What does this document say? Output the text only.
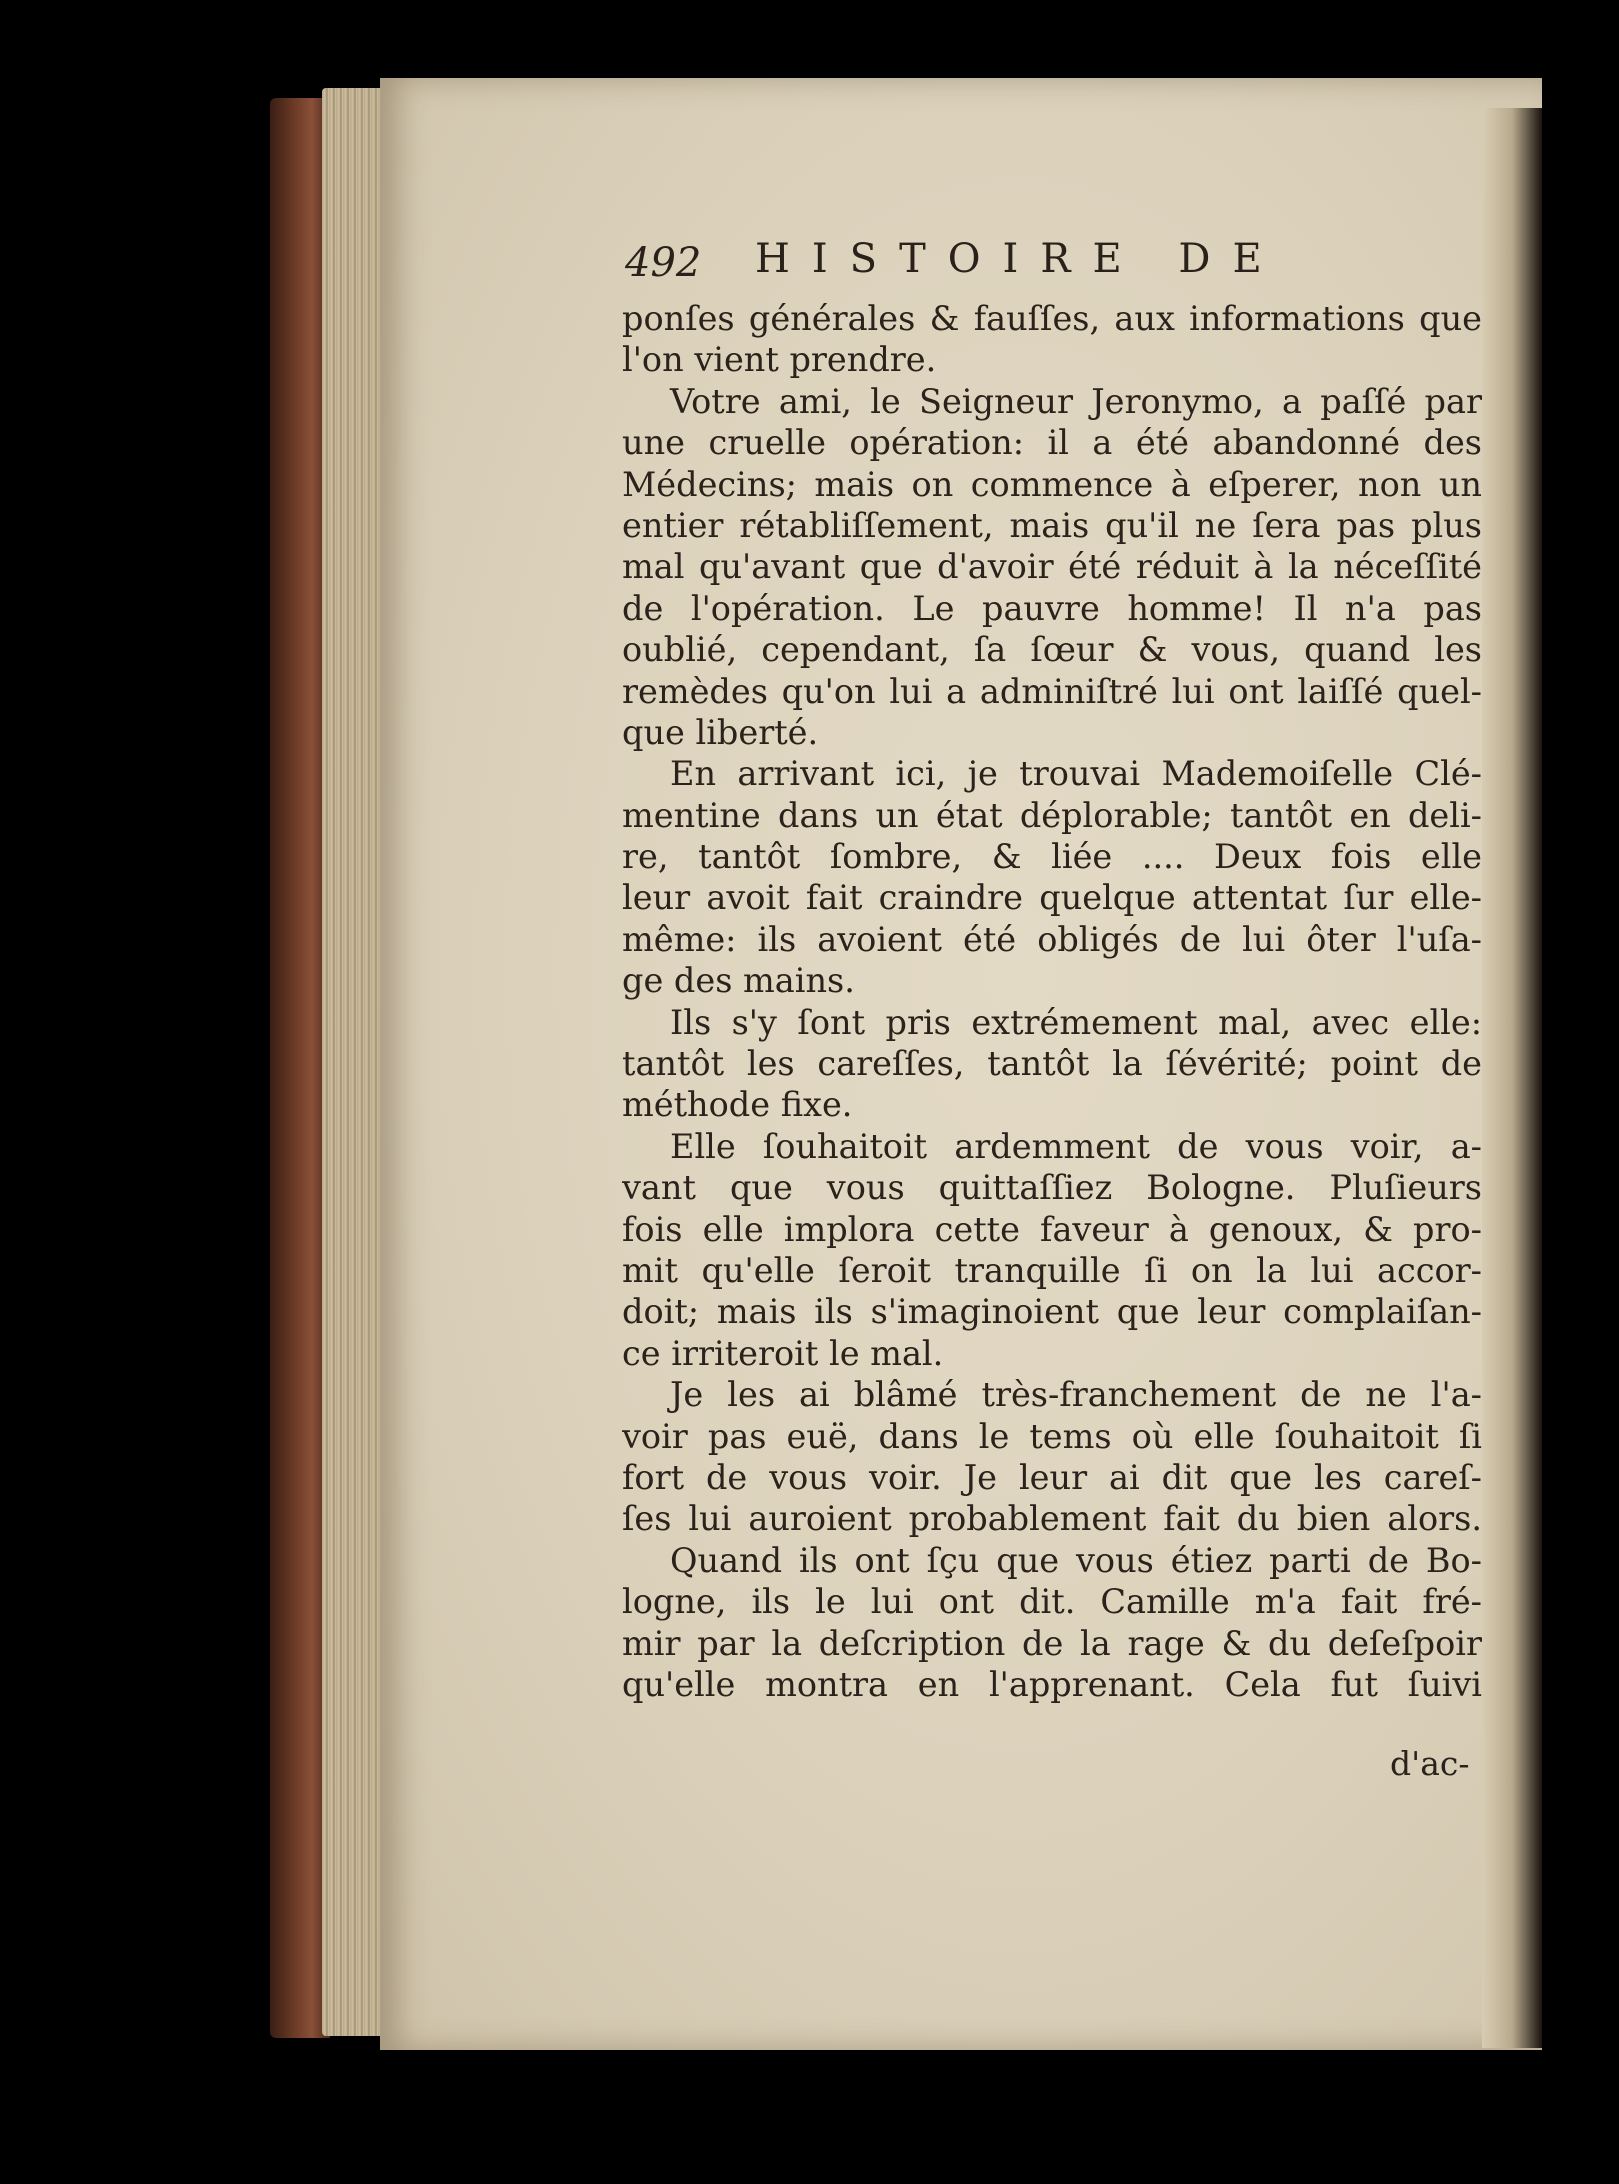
492 HISTOIRE DE
ponſes générales & fauſſes, aux informations que
l'on vient prendre.
Votre ami, le Seigneur Jeronymo, a paſſé par
une cruelle opération: il a été abandonné des
Médecins; mais on commence à eſperer, non un
entier rétabliſſement, mais qu'il ne ſera pas plus
mal qu'avant que d'avoir été réduit à la néceſſité
de l'opération. Le pauvre homme! Il n'a pas
oublié, cependant, ſa ſœur & vous, quand les
remèdes qu'on lui a adminiſtré lui ont laiſſé quel-
que liberté.
En arrivant ici, je trouvai Mademoiſelle Clé-
mentine dans un état déplorable; tantôt en deli-
re, tantôt ſombre, & liée .... Deux fois elle
leur avoit fait craindre quelque attentat ſur elle-
même: ils avoient été obligés de lui ôter l'uſa-
ge des mains.
Ils s'y ſont pris extrémement mal, avec elle:
tantôt les careſſes, tantôt la ſévérité; point de
méthode fixe.
Elle ſouhaitoit ardemment de vous voir, a-
vant que vous quittaſſiez Bologne. Pluſieurs
fois elle implora cette faveur à genoux, & pro-
mit qu'elle ſeroit tranquille ſi on la lui accor-
doit; mais ils s'imaginoient que leur complaiſan-
ce irriteroit le mal.
Je les ai blâmé très-franchement de ne l'a-
voir pas euë, dans le tems où elle ſouhaitoit ſi
fort de vous voir. Je leur ai dit que les careſ-
ſes lui auroient probablement fait du bien alors.
Quand ils ont ſçu que vous étiez parti de Bo-
logne, ils le lui ont dit. Camille m'a fait fré-
mir par la deſcription de la rage & du deſeſpoir
qu'elle montra en l'apprenant. Cela fut ſuivi
d'ac-
